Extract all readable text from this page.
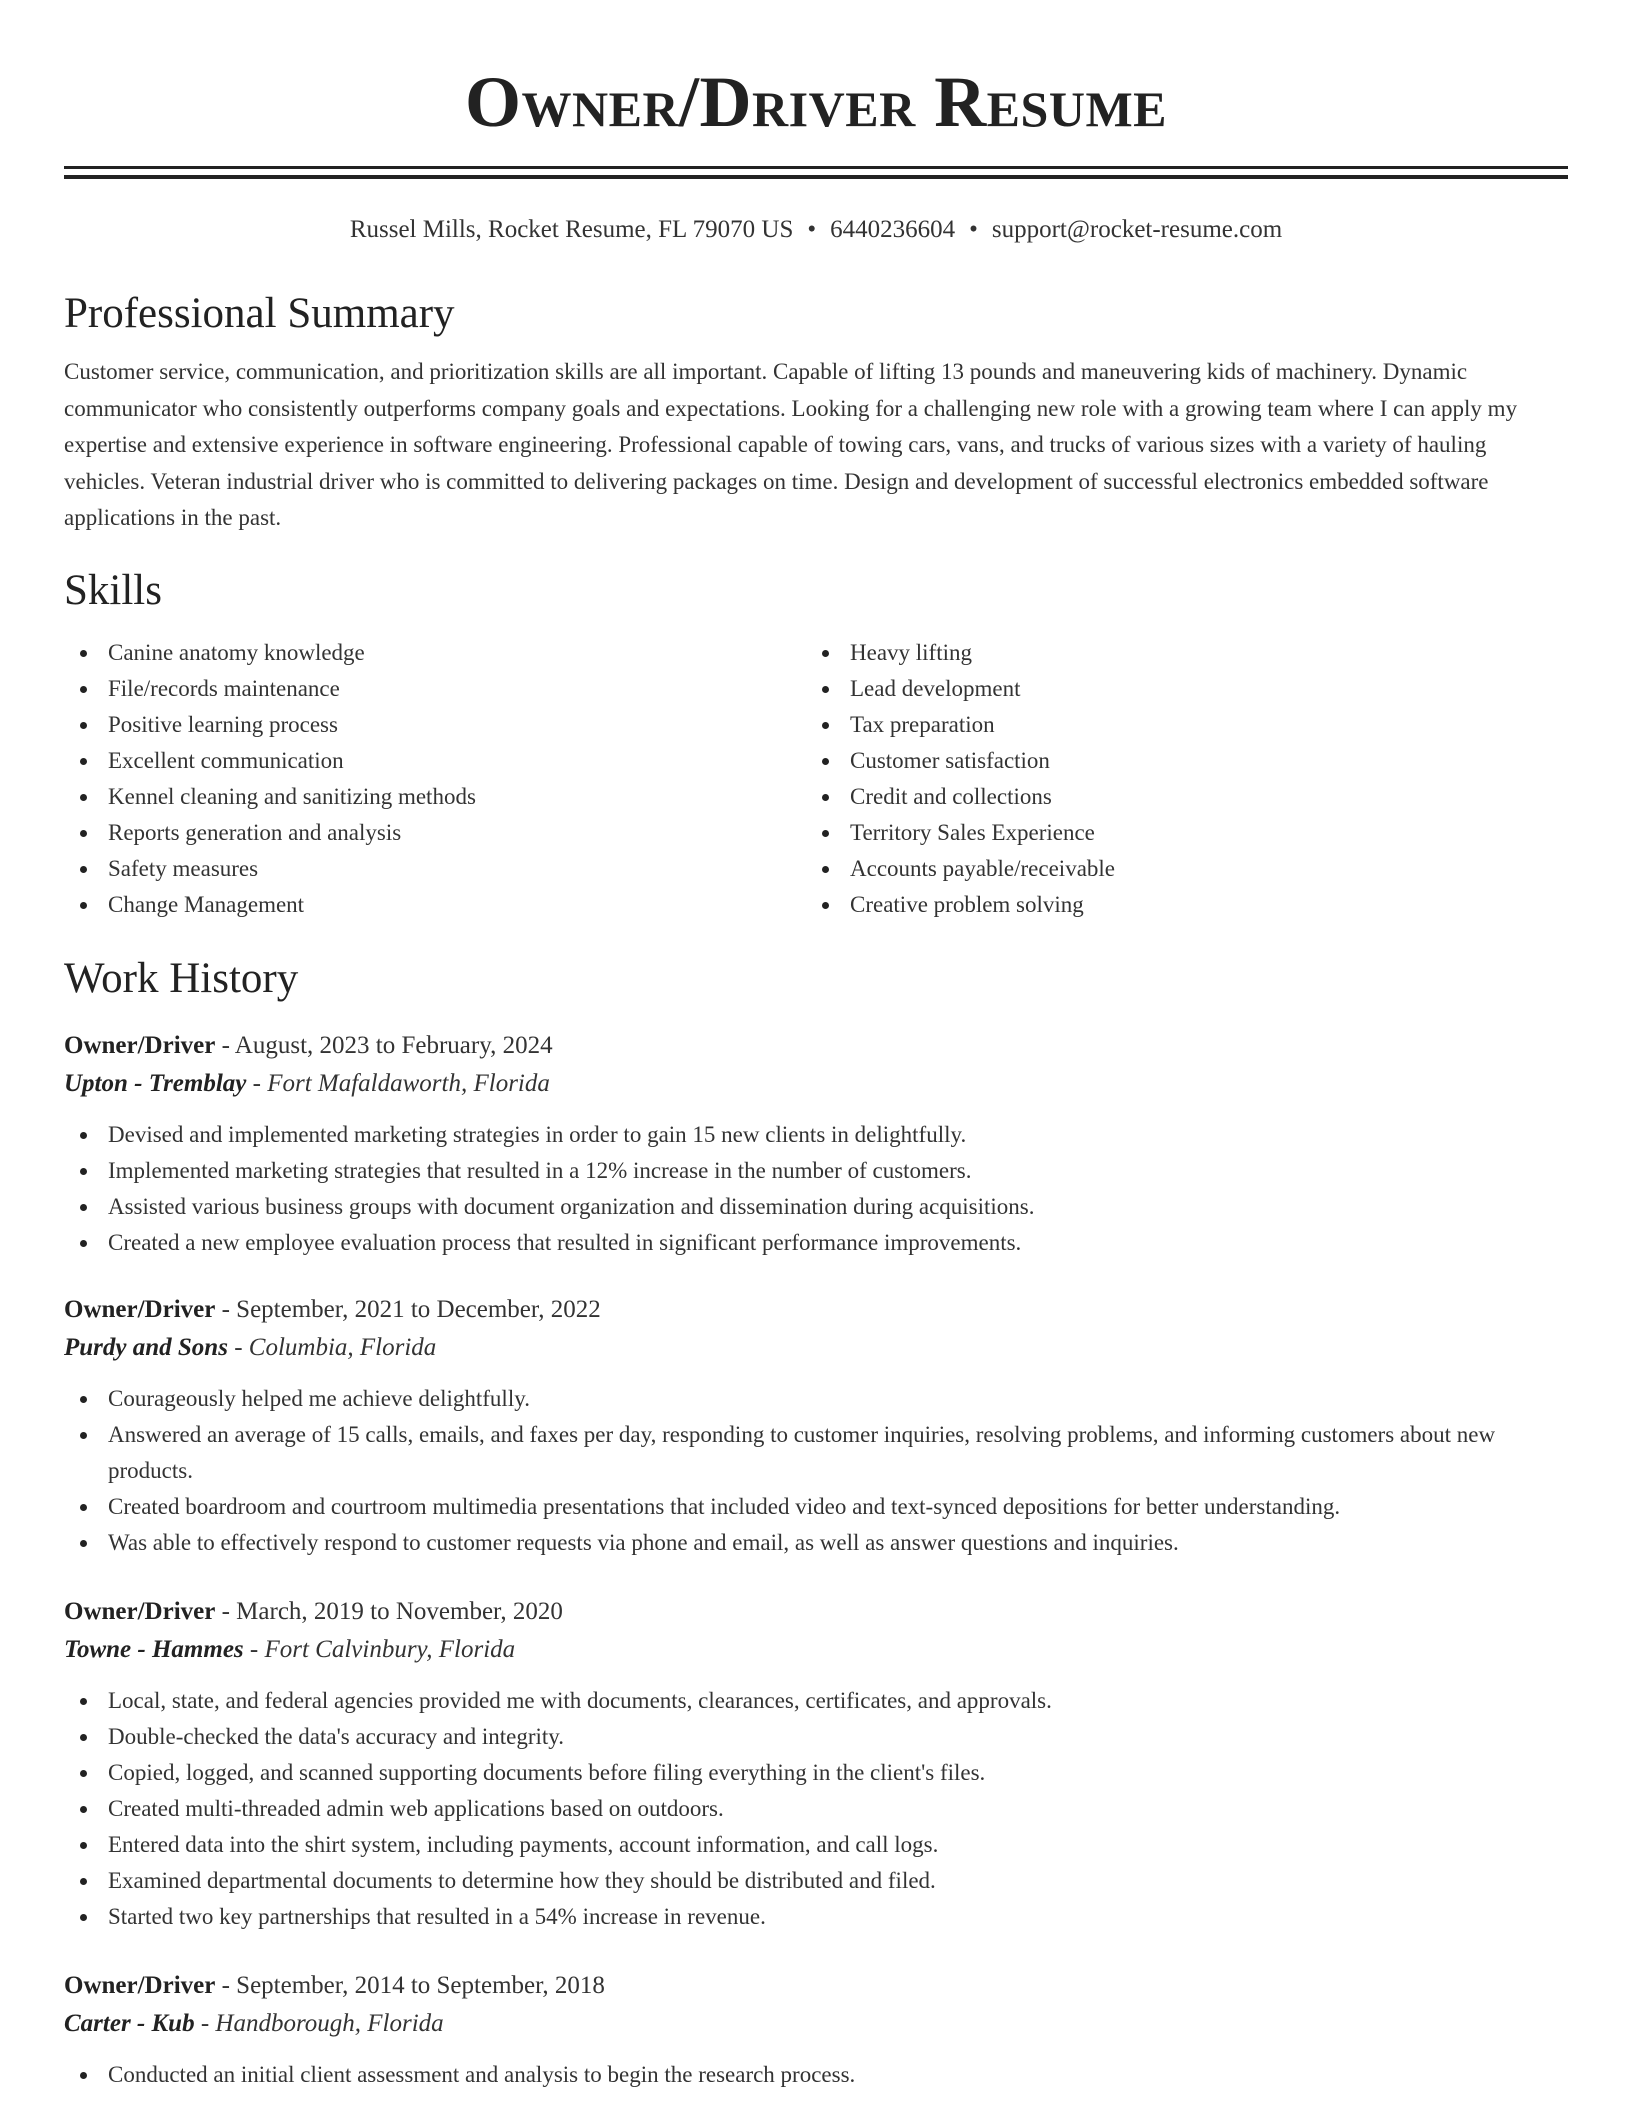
Owner/Driver Resume
Russel Mills, Rocket Resume, FL 79070 US • 6440236604 • support@rocket-resume.com
Professional Summary
Customer service, communication, and prioritization skills are all important. Capable of lifting 13 pounds and maneuvering kids of machinery. Dynamic communicator who consistently outperforms company goals and expectations. Looking for a challenging new role with a growing team where I can apply my expertise and extensive experience in software engineering. Professional capable of towing cars, vans, and trucks of various sizes with a variety of hauling vehicles. Veteran industrial driver who is committed to delivering packages on time. Design and development of successful electronics embedded software applications in the past.
Skills
Canine anatomy knowledge
File/records maintenance
Positive learning process
Excellent communication
Kennel cleaning and sanitizing methods
Reports generation and analysis
Safety measures
Change Management
Heavy lifting
Lead development
Tax preparation
Customer satisfaction
Credit and collections
Territory Sales Experience
Accounts payable/receivable
Creative problem solving
Work History
Owner/Driver - August, 2023 to February, 2024
Upton - Tremblay - Fort Mafaldaworth, Florida
Devised and implemented marketing strategies in order to gain 15 new clients in delightfully.
Implemented marketing strategies that resulted in a 12% increase in the number of customers.
Assisted various business groups with document organization and dissemination during acquisitions.
Created a new employee evaluation process that resulted in significant performance improvements.
Owner/Driver - September, 2021 to December, 2022
Purdy and Sons - Columbia, Florida
Courageously helped me achieve delightfully.
Answered an average of 15 calls, emails, and faxes per day, responding to customer inquiries, resolving problems, and informing customers about new products.
Created boardroom and courtroom multimedia presentations that included video and text-synced depositions for better understanding.
Was able to effectively respond to customer requests via phone and email, as well as answer questions and inquiries.
Owner/Driver - March, 2019 to November, 2020
Towne - Hammes - Fort Calvinbury, Florida
Local, state, and federal agencies provided me with documents, clearances, certificates, and approvals.
Double-checked the data's accuracy and integrity.
Copied, logged, and scanned supporting documents before filing everything in the client's files.
Created multi-threaded admin web applications based on outdoors.
Entered data into the shirt system, including payments, account information, and call logs.
Examined departmental documents to determine how they should be distributed and filed.
Started two key partnerships that resulted in a 54% increase in revenue.
Owner/Driver - September, 2014 to September, 2018
Carter - Kub - Handborough, Florida
Conducted an initial client assessment and analysis to begin the research process.
